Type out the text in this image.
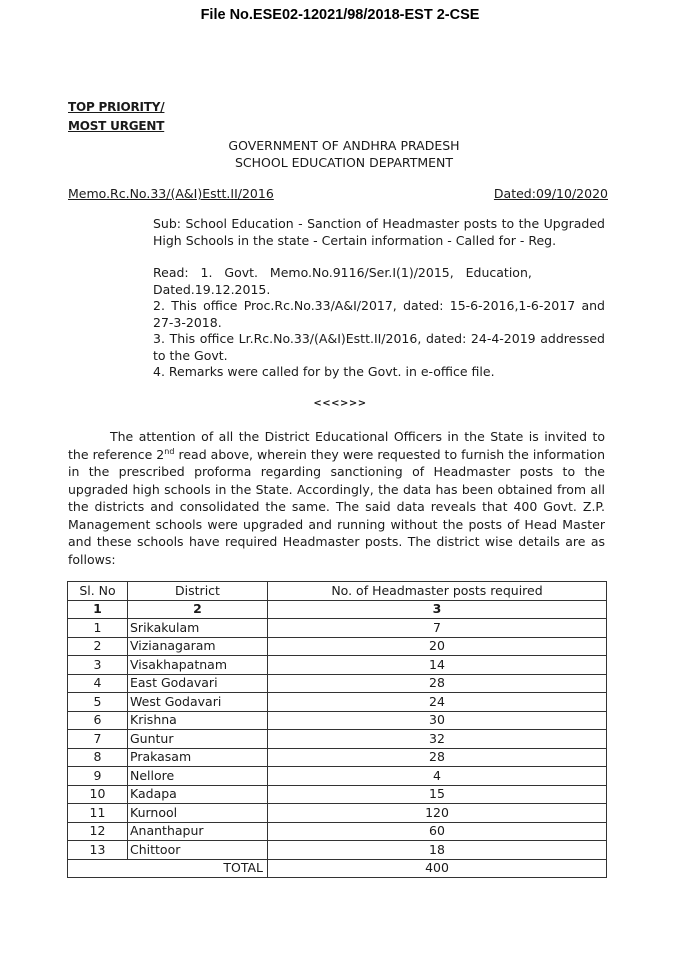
File No.ESE02-12021/98/2018-EST 2-CSE
TOP PRIORITY/
MOST URGENT
GOVERNMENT OF ANDHRA PRADESH
SCHOOL EDUCATION DEPARTMENT
Memo.Rc.No.33/(A&I)Estt.II/2016	Dated:09/10/2020
Sub: School Education - Sanction of Headmaster posts to the Upgraded High Schools in the state - Certain information - Called for - Reg.

Read:   1.   Govt.   Memo.No.9116/Ser.I(1)/2015,   Education,

Dated.19.12.2015.

2. This office Proc.Rc.No.33/A&I/2017, dated: 15-6-2016,1-6-2017 and 27-3-2018.

3. This office Lr.Rc.No.33/(A&I)Estt.II/2016, dated: 24-4-2019 addressed to the Govt.

4. Remarks were called for by the Govt. in e-office file.

<<<>>>

The attention of all the District Educational Officers in the State is invited to the reference 2nd read above, wherein they were requested to furnish the information in the prescribed proforma regarding sanctioning of Headmaster posts to the upgraded high schools in the State. Accordingly, the data has been obtained from all the districts and consolidated the same. The said data reveals that 400 Govt. Z.P. Management schools were upgraded and running without the posts of Head Master and these schools have required Headmaster posts. The district wise details are as follows:

Sl. No	District	No. of Headmaster posts required
1	2	3
1	Srikakulam	7
2	Vizianagaram	20
3	Visakhapatnam	14
4	East Godavari	28
5	West Godavari	24
6	Krishna	30
7	Guntur	32
8	Prakasam	28
9	Nellore	4
10	Kadapa	15
11	Kurnool	120
12	Ananthapur	60
13	Chittoor	18
TOTAL		400
